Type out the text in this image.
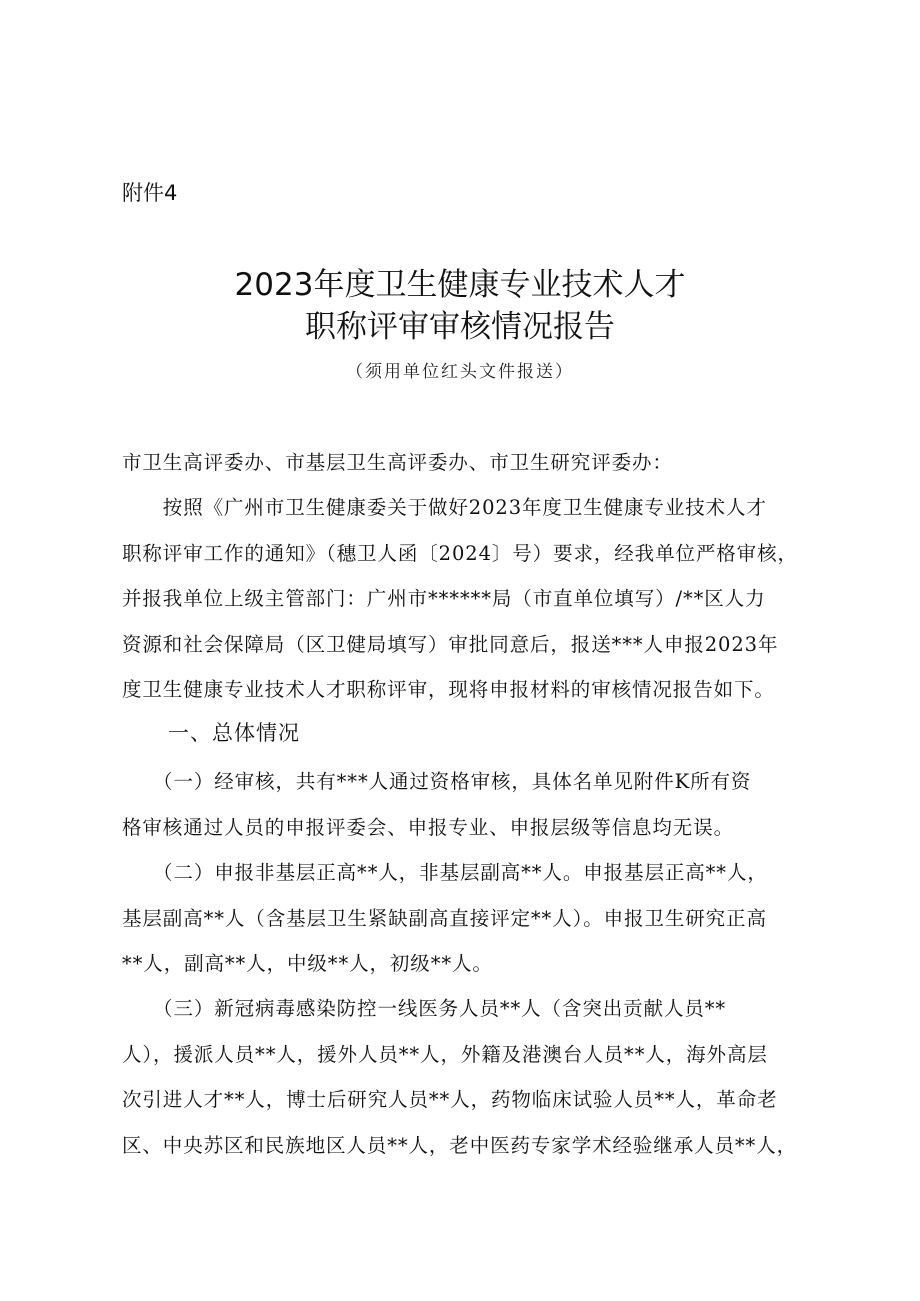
附件4
2023年度卫生健康专业技术人才
职称评审审核情况报告
（须用单位红头文件报送）
市卫生高评委办、市基层卫生高评委办、市卫生研究评委办：
　　按照《广州市卫生健康委关于做好2023年度卫生健康专业技术人才
职称评审工作的通知》（穗卫人函〔2024〕号）要求，经我单位严格审核，
并报我单位上级主管部门：广州市******局（市直单位填写）/**区人力
资源和社会保障局（区卫健局填写）审批同意后，报送***人申报2023年
度卫生健康专业技术人才职称评审，现将申报材料的审核情况报告如下。
一、总体情况
　　（一）经审核，共有***人通过资格审核，具体名单见附件K所有资
格审核通过人员的申报评委会、申报专业、申报层级等信息均无误。
　　（二）申报非基层正高**人，非基层副高**人。申报基层正高**人，
基层副高**人（含基层卫生紧缺副高直接评定**人）。申报卫生研究正高
**人，副高**人，中级**人，初级**人。
　　（三）新冠病毒感染防控一线医务人员**人（含突出贡献人员**
人），援派人员**人，援外人员**人，外籍及港澳台人员**人，海外高层
次引进人才**人，博士后研究人员**人，药物临床试验人员**人，革命老
区、中央苏区和民族地区人员**人，老中医药专家学术经验继承人员**人，
